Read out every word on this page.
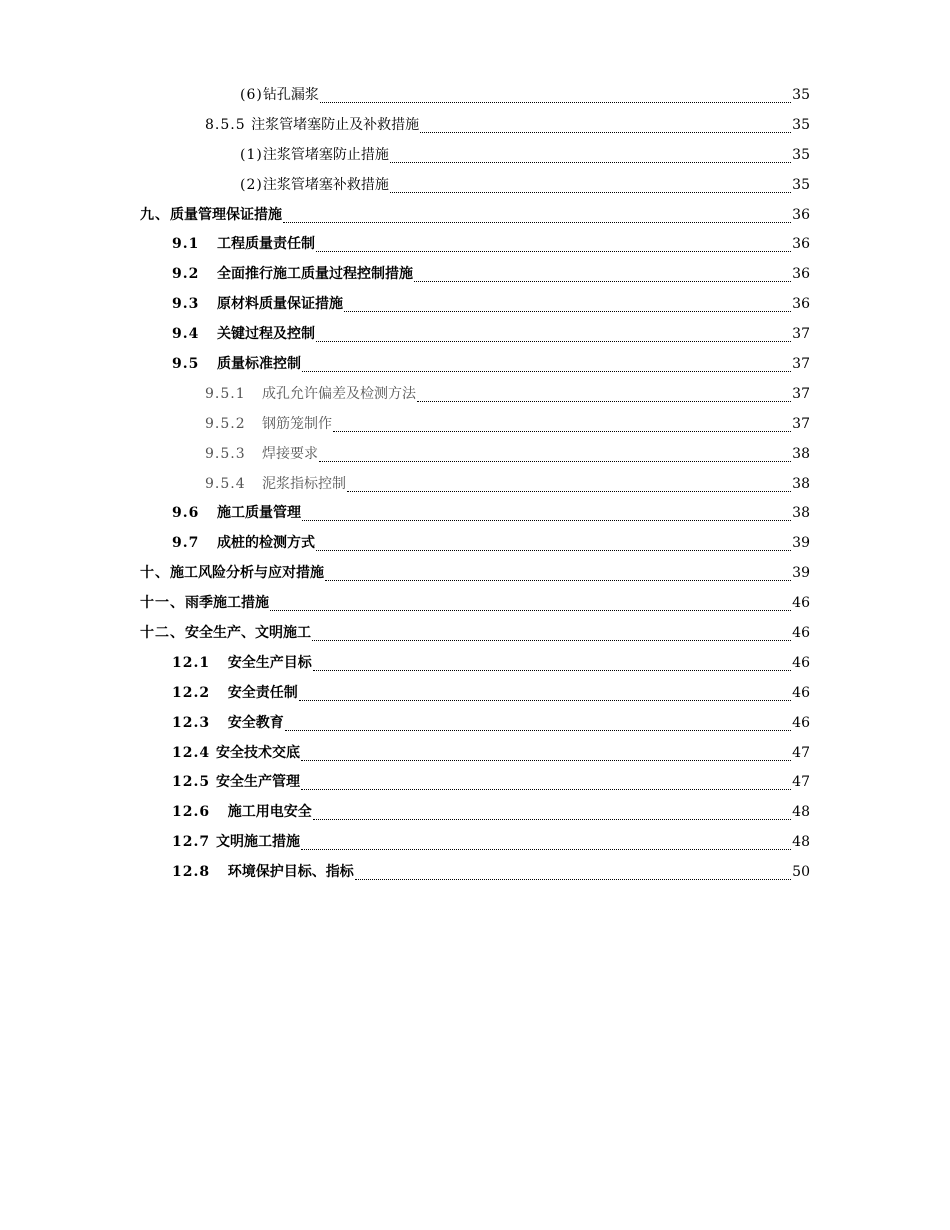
(6) 钻孔漏浆	35
8.5.5 注浆管堵塞防止及补救措施	35
(1) 注浆管堵塞防止措施	35
(2) 注浆管堵塞补救措施	35
九、 质量管理保证措施	36
9.1 工程质量责任制	36
9.2 全面推行施工质量过程控制措施	36
9.3 原材料质量保证措施	36
9.4 关键过程及控制	37
9.5 质量标准控制	37
9.5.1 成孔允许偏差及检测方法	37
9.5.2 钢筋笼制作	37
9.5.3 焊接要求	38
9.5.4 泥浆指标控制	38
9.6 施工质量管理	38
9.7 成桩的检测方式	39
十、 施工风险分析与应对措施	39
十一、 雨季施工措施	46
十二、 安全生产、文明施工	46
12.1 安全生产目标	46
12.2 安全责任制	46
12.3 安全教育	46
12.4 安全技术交底	47
12.5 安全生产管理	47
12.6 施工用电安全	48
12.7 文明施工措施	48
12.8 环境保护目标、指标	50
